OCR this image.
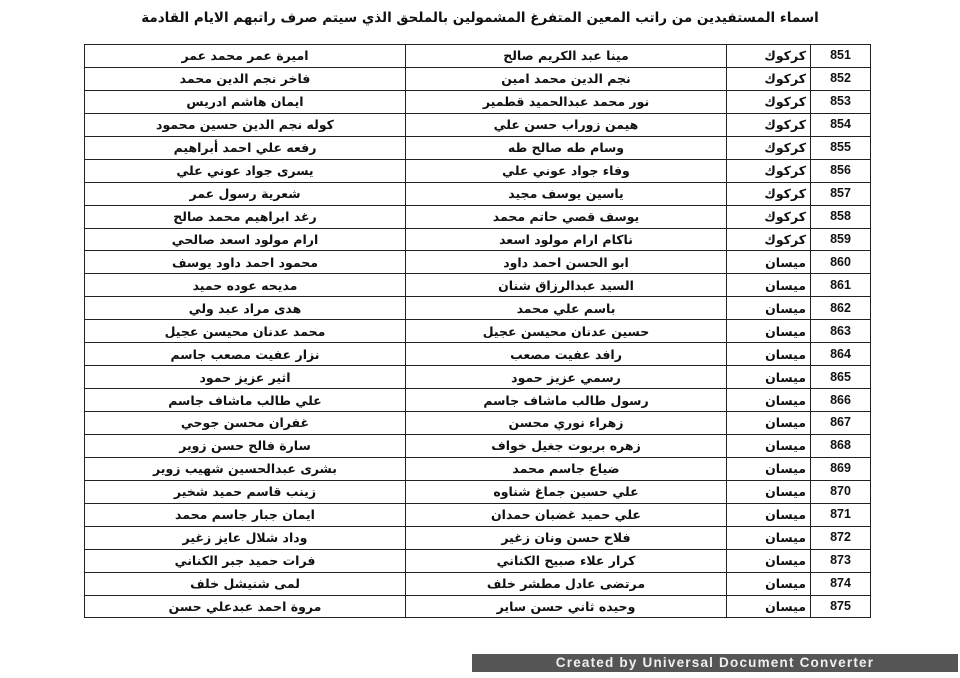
اسماء المستفيدين من راتب المعين المتفرغ المشمولين بالملحق الذي سيتم صرف راتبهم الايام القادمة
اميرة عمر محمد عمر	مينا عبد الكريم صالح	كركوك	851
فاخر نجم الدين محمد	نجم الدين محمد امين	كركوك	852
ايمان هاشم ادريس	نور محمد عبدالحميد قطمير	كركوك	853
كوله نجم الدين حسين محمود	هيمن زوراب حسن علي	كركوك	854
رفعه علي احمد أبراهيم	وسام طه صالح طه	كركوك	855
يسرى جواد عوني علي	وفاء جواد عوني علي	كركوك	856
شعرية رسول عمر	ياسين يوسف مجيد	كركوك	857
رغد ابراهيم محمد صالح	يوسف قصي حاتم محمد	كركوك	858
ارام مولود اسعد صالحي	ناكام ارام مولود اسعد	كركوك	859
محمود احمد داود يوسف	ابو الحسن احمد داود	ميسان	860
مديحه عوده حميد	السيد عبدالرزاق شنان	ميسان	861
هدى مراد عبد ولي	باسم علي محمد	ميسان	862
محمد عدنان محيسن عجيل	حسين عدنان محيسن عجيل	ميسان	863
نزار عفيت مصعب جاسم	رافد عفيت مصعب	ميسان	864
اثير عزيز حمود	رسمي عزيز حمود	ميسان	865
علي طالب ماشاف جاسم	رسول طالب ماشاف جاسم	ميسان	866
غفران محسن جوحي	زهراء نوري محسن	ميسان	867
سارة فالح حسن زوير	زهره بربوت جغيل خواف	ميسان	868
بشرى عبدالحسين شهيب زوير	ضياع جاسم محمد	ميسان	869
زينب قاسم حميد شخير	علي حسين جماغ شناوه	ميسان	870
ايمان جبار جاسم محمد	علي حميد غضبان حمدان	ميسان	871
وداد شلال عايز زغير	فلاح حسن ونان زغير	ميسان	872
فرات حميد جبر الكناني	كرار علاء صبيح الكناني	ميسان	873
لمى شنيشل خلف	مرتضى عادل مطشر خلف	ميسان	874
مروة احمد عبدعلي حسن	وحيده ثاني حسن ساير	ميسان	875
Created by Universal Document Converter
